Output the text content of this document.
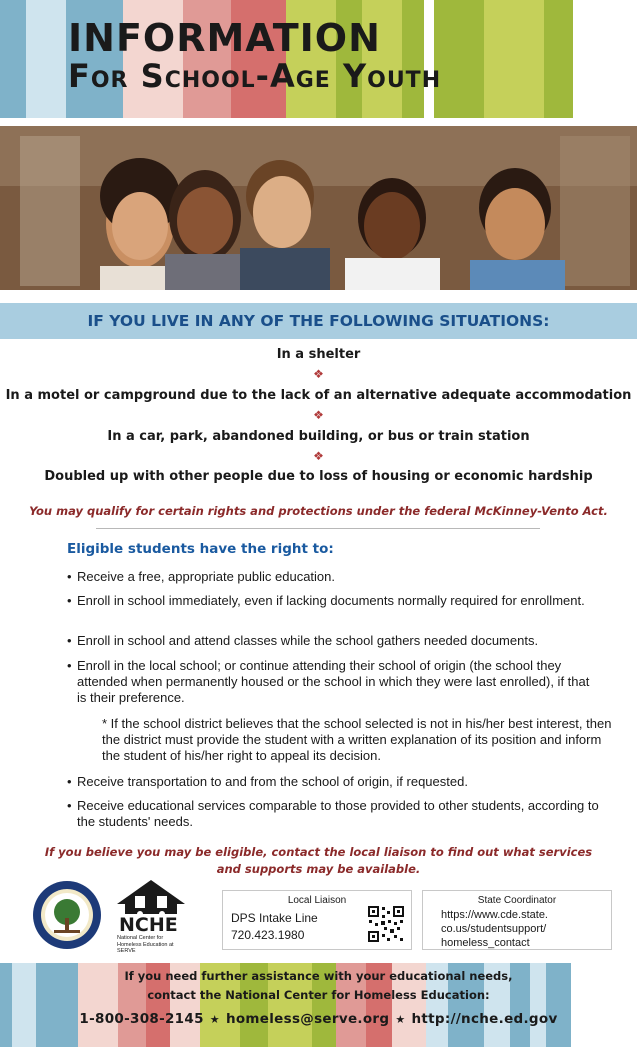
INFORMATION
For School-Age Youth
IF YOU LIVE IN ANY OF THE FOLLOWING SITUATIONS:
In a shelter
❖
In a motel or campground due to the lack of an alternative adequate accommodation
❖
In a car, park, abandoned building, or bus or train station
❖
Doubled up with other people due to loss of housing or economic hardship
You may qualify for certain rights and protections under the federal McKinney-Vento Act.
Eligible students have the right to:
• Receive a free, appropriate public education.
• Enroll in school immediately, even if lacking documents normally required for enrollment.
• Enroll in school and attend classes while the school gathers needed documents.
• Enroll in the local school; or continue attending their school of origin (the school they attended when permanently housed or the school in which they were last enrolled), if that is their preference.
* If the school district believes that the school selected is not in his/her best interest, then the district must provide the student with a written explanation of its position and inform the student of his/her right to appeal its decision.
• Receive transportation to and from the school of origin, if requested.
• Receive educational services comparable to those provided to other students, according to the students' needs.
If you believe you may be eligible, contact the local liaison to find out what services
and supports may be available.
NCHE
National Center for Homeless Education at SERVE
Local Liaison
DPS Intake Line
720.423.1980
State Coordinator
https://www.cde.state.
co.us/studentsupport/
homeless_contact
If you need further assistance with your educational needs,
contact the National Center for Homeless Education:
1-800-308-2145 ★ homeless@serve.org ★ http://nche.ed.gov
